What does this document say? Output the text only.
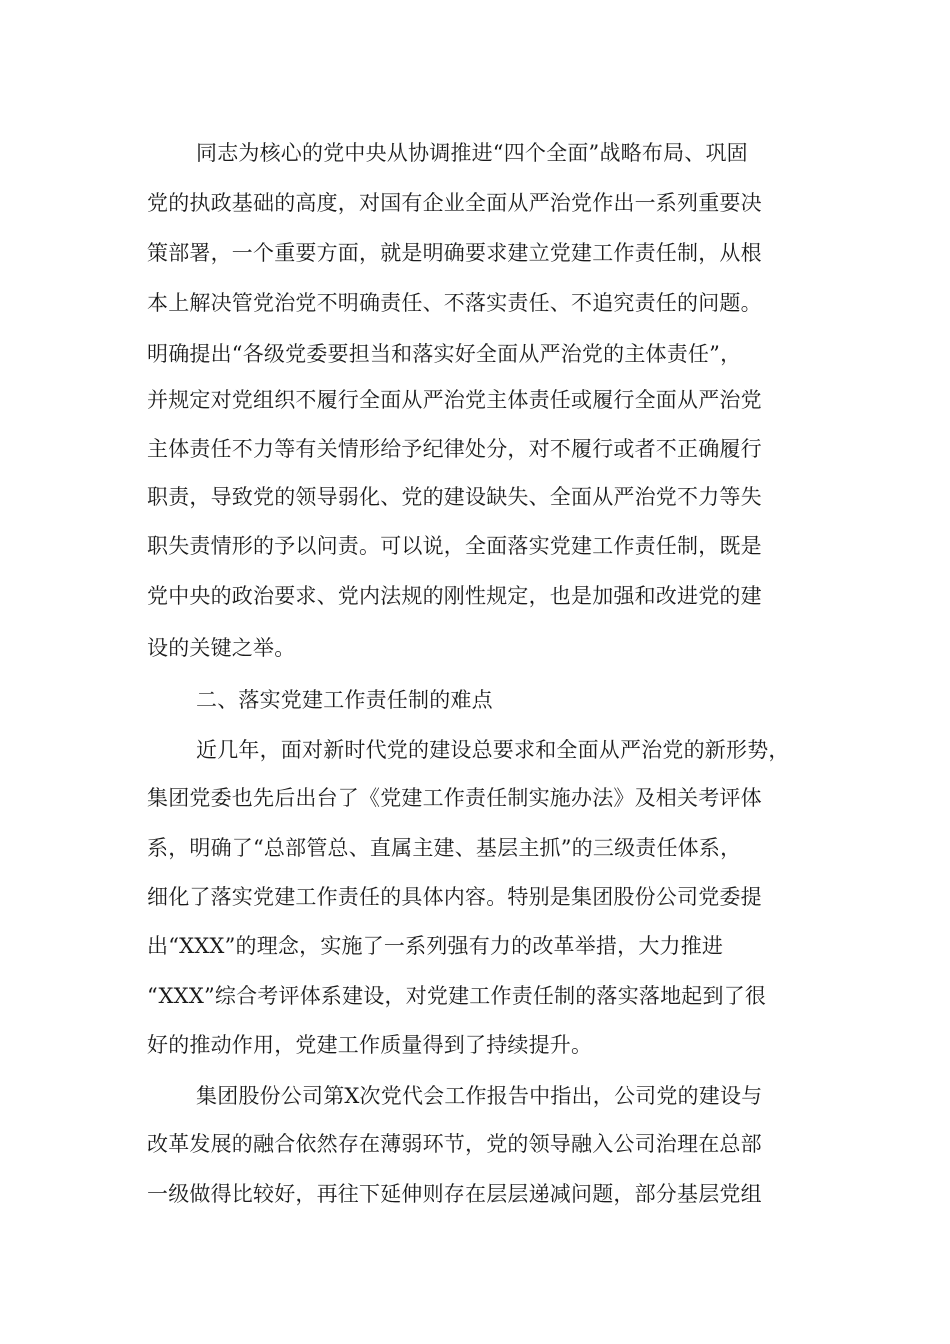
同志为核心的党中央从协调推进“四个全面”战略布局、巩固
党的执政基础的高度，对国有企业全面从严治党作出一系列重要决
策部署，一个重要方面，就是明确要求建立党建工作责任制，从根
本上解决管党治党不明确责任、不落实责任、不追究责任的问题。
明确提出“各级党委要担当和落实好全面从严治党的主体责任”，
并规定对党组织不履行全面从严治党主体责任或履行全面从严治党
主体责任不力等有关情形给予纪律处分，对不履行或者不正确履行
职责，导致党的领导弱化、党的建设缺失、全面从严治党不力等失
职失责情形的予以问责。可以说，全面落实党建工作责任制，既是
党中央的政治要求、党内法规的刚性规定，也是加强和改进党的建
设的关键之举。
二、落实党建工作责任制的难点
近几年，面对新时代党的建设总要求和全面从严治党的新形势，
集团党委也先后出台了《党建工作责任制实施办法》及相关考评体
系，明确了“总部管总、直属主建、基层主抓”的三级责任体系，
细化了落实党建工作责任的具体内容。特别是集团股份公司党委提
出“XXX”的理念，实施了一系列强有力的改革举措，大力推进
“XXX”综合考评体系建设，对党建工作责任制的落实落地起到了很
好的推动作用，党建工作质量得到了持续提升。
集团股份公司第X次党代会工作报告中指出，公司党的建设与
改革发展的融合依然存在薄弱环节，党的领导融入公司治理在总部
一级做得比较好，再往下延伸则存在层层递减问题，部分基层党组
